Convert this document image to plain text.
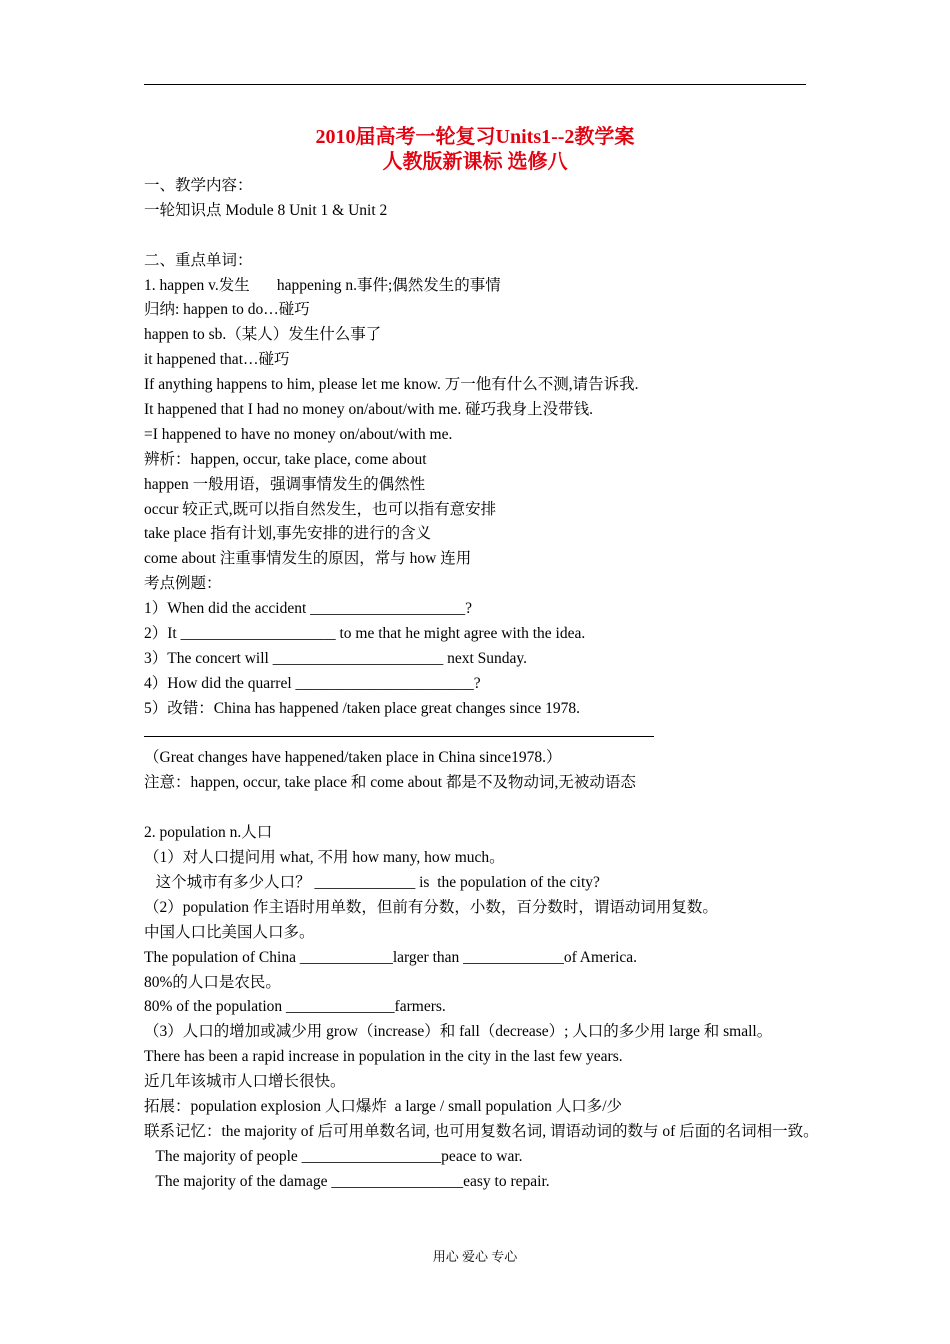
2010届高考一轮复习Units1--2教学案
人教版新课标 选修八
一、教学内容：
一轮知识点 Module 8 Unit 1 & Unit 2
二、重点单词：
1. happen v.发生       happening n.事件;偶然发生的事情
归纳: happen to do…碰巧
happen to sb.（某人）发生什么事了
it happened that…碰巧
If anything happens to him, please let me know. 万一他有什么不测,请告诉我.
It happened that I had no money on/about/with me. 碰巧我身上没带钱.
=I happened to have no money on/about/with me.
辨析：happen, occur, take place, come about
happen 一般用语，强调事情发生的偶然性
occur 较正式,既可以指自然发生，也可以指有意安排
take place 指有计划,事先安排的进行的含义
come about 注重事情发生的原因，常与 how 连用
考点例题：
1）When did the accident ____________________?
2）It ____________________ to me that he might agree with the idea.
3）The concert will ______________________ next Sunday.
4）How did the quarrel _______________________?
5）改错：China has happened /taken place great changes since 1978.
（Great changes have happened/taken place in China since1978.）
注意：happen, occur, take place 和 come about 都是不及物动词,无被动语态
2. population n.人口
（1）对人口提问用 what, 不用 how many, how much。
这个城市有多少人口？ _____________ is  the population of the city?
（2）population 作主语时用单数，但前有分数，小数，百分数时，谓语动词用复数。
中国人口比美国人口多。
The population of China ____________larger than _____________of America.
80%的人口是农民。
80% of the population ______________farmers.
（3）人口的增加或减少用 grow（increase）和 fall（decrease）; 人口的多少用 large 和 small。
There has been a rapid increase in population in the city in the last few years.
近几年该城市人口增长很快。
拓展：population explosion 人口爆炸  a large / small population 人口多/少
联系记忆：the majority of 后可用单数名词, 也可用复数名词, 谓语动词的数与 of 后面的名词相一致。
The majority of people __________________peace to war.
The majority of the damage _________________easy to repair.
用心 爱心 专心
